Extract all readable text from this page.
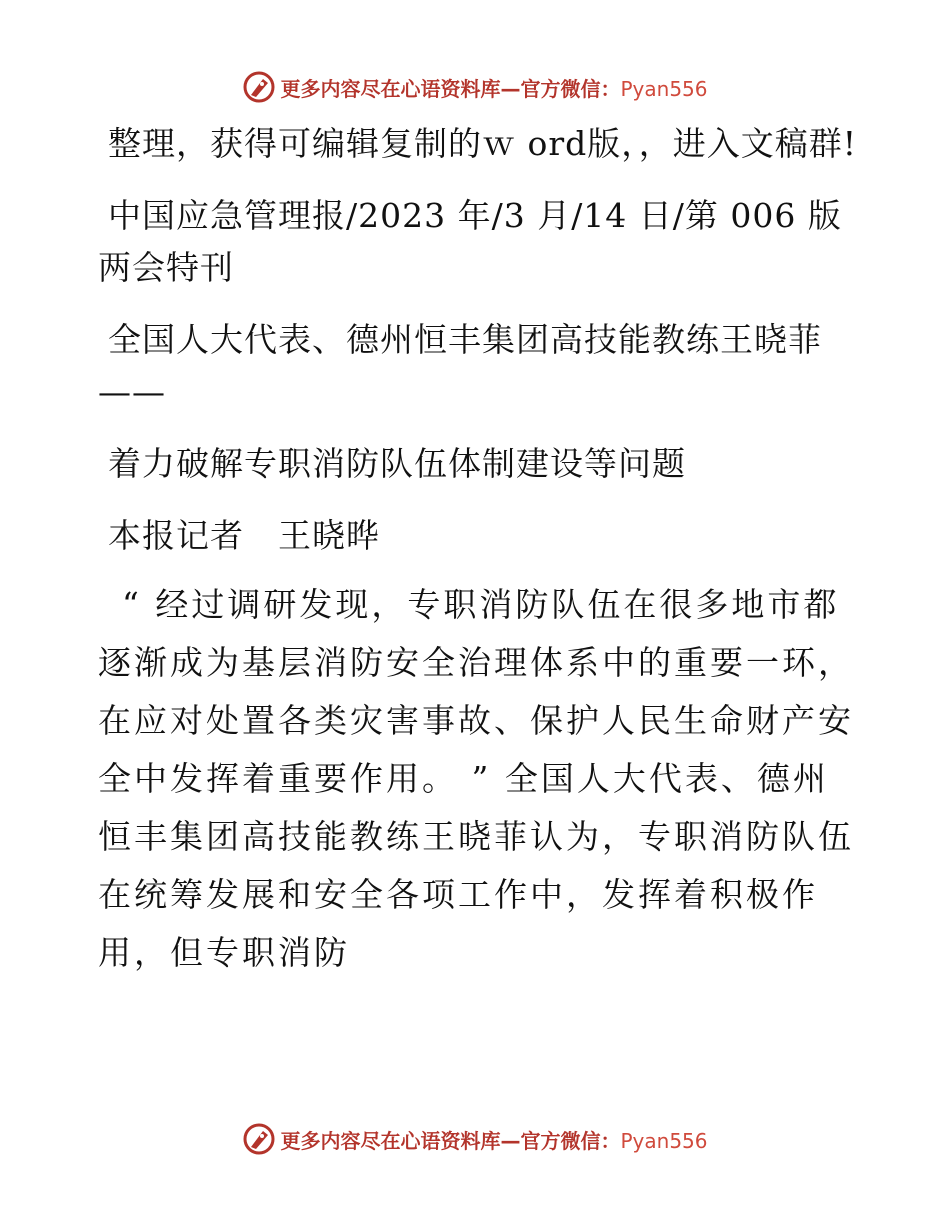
更多内容尽在心语资料库—官方微信：Pyan556

整理，获得可编辑复制的ｗ ord版，，进入文稿群!

中国应急管理报/2023 年/3 月/14 日/第 006 版两会特刊

全国人大代表、德州恒丰集团高技能教练王晓菲——

着力破解专职消防队伍体制建设等问题

本报记者　王晓晔

“ 经过调研发现，专职消防队伍在很多地市都逐渐成为基层消防安全治理体系中的重要一环，在应对处置各类灾害事故、保护人民生命财产安全中发挥着重要作用。 ” 全国人大代表、德州恒丰集团高技能教练王晓菲认为，专职消防队伍在统筹发展和安全各项工作中，发挥着积极作用，但专职消防

更多内容尽在心语资料库—官方微信：Pyan556
